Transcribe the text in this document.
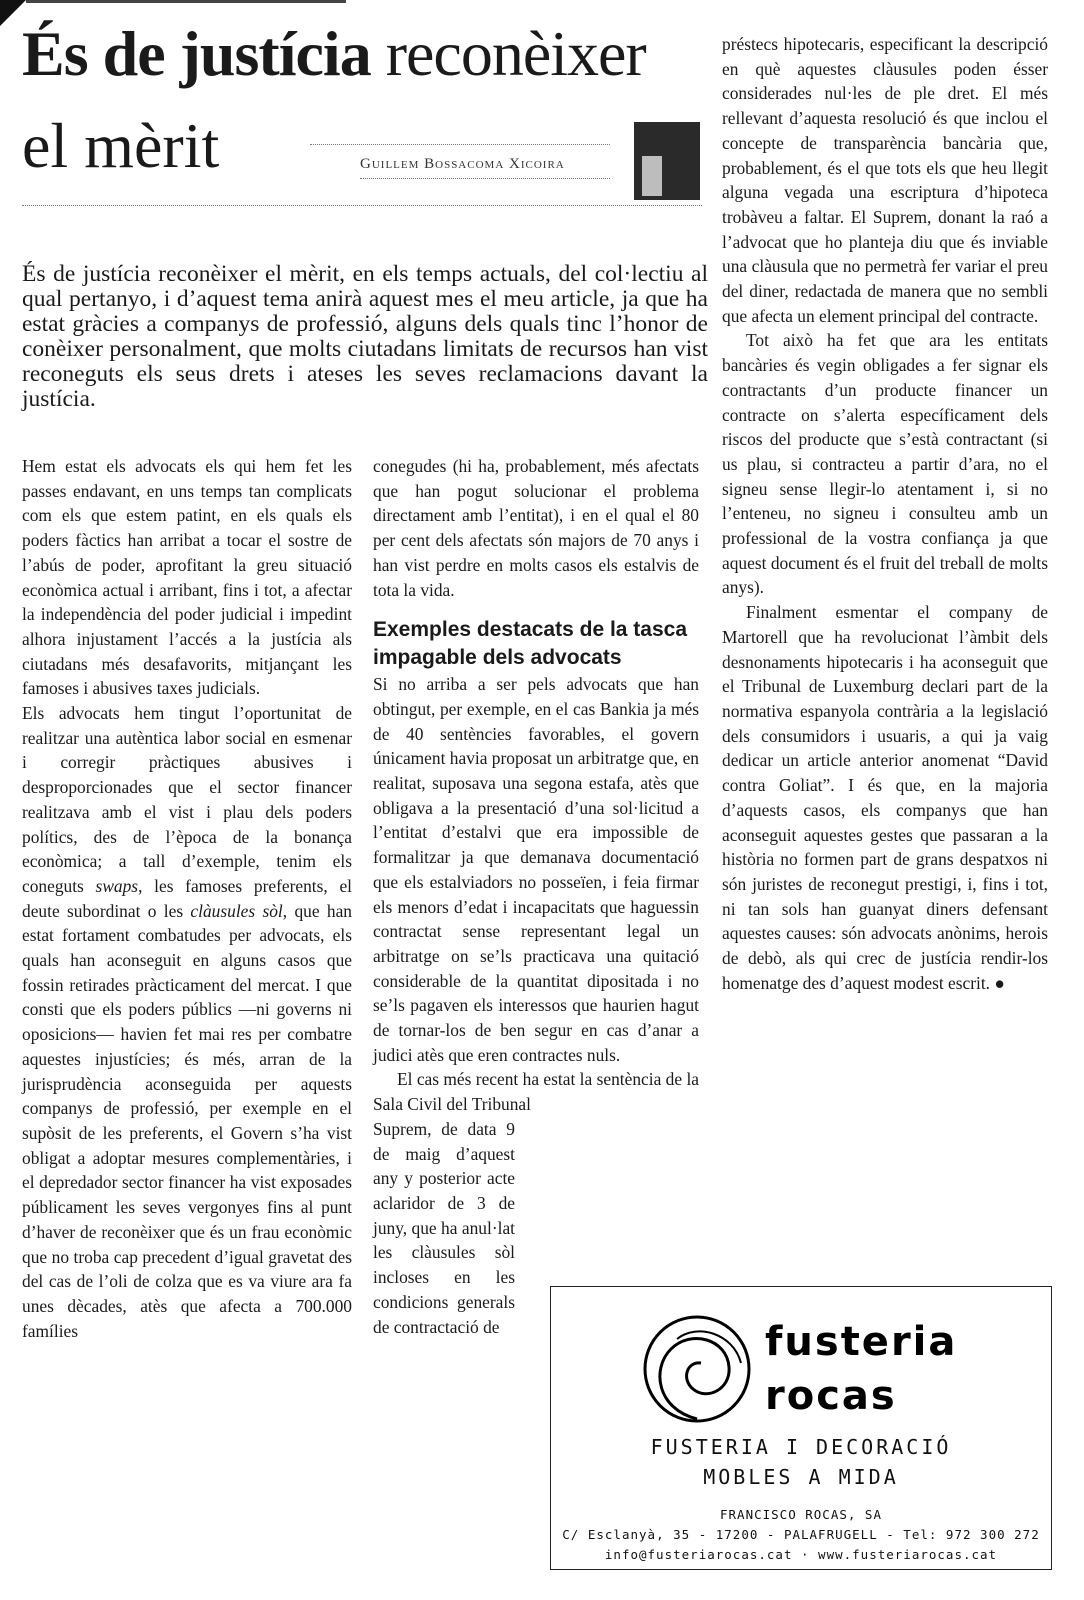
És de justícia reconèixer
el mèrit	Guillem Bossacoma Xicoira

És de justícia reconèixer el mèrit, en els temps actuals, del col·lectiu al qual pertanyo, i d’aquest tema anirà aquest mes el meu article, ja que ha estat gràcies a companys de professió, alguns dels quals tinc l’honor de conèixer personalment, que molts ciutadans limitats de recursos han vist reconeguts els seus drets i ateses les seves reclamacions davant la justícia.

Hem estat els advocats els qui hem fet les passes endavant, en uns temps tan complicats com els que estem patint, en els quals els poders fàctics han arribat a tocar el sostre de l’abús de poder, aprofitant la greu situació econòmica actual i arribant, fins i tot, a afectar la independència del poder judicial i impedint alhora injustament l’accés a la justícia als ciutadans més desafavorits, mitjançant les famoses i abusives taxes judicials.

Els advocats hem tingut l’oportunitat de realitzar una autèntica labor social en esmenar i corregir pràctiques abusives i desproporcionades que el sector financer realitzava amb el vist i plau dels poders polítics, des de l’època de la bonança econòmica; a tall d’exemple, tenim els coneguts swaps, les famoses preferents, el deute subordinat o les clàusules sòl, que han estat fortament combatudes per advocats, els quals han aconseguit en alguns casos que fossin retirades pràcticament del mercat. I que consti que els poders públics —ni governs ni oposicions— havien fet mai res per combatre aquestes injustícies; és més, arran de la jurisprudència aconseguida per aquests companys de professió, per exemple en el supòsit de les preferents, el Govern s’ha vist obligat a adoptar mesures complementàries, i el depredador sector financer ha vist exposades públicament les seves vergonyes fins al punt d’haver de reconèixer que és un frau econòmic que no troba cap precedent d’igual gravetat des del cas de l’oli de colza que es va viure ara fa unes dècades, atès que afecta a 700.000 famílies

conegudes (hi ha, probablement, més afectats que han pogut solucionar el problema directament amb l’entitat), i en el qual el 80 per cent dels afectats són majors de 70 anys i han vist perdre en molts casos els estalvis de tota la vida.

Exemples destacats de la tasca impagable dels advocats

Si no arriba a ser pels advocats que han obtingut, per exemple, en el cas Bankia ja més de 40 sentències favorables, el govern únicament havia proposat un arbitratge que, en realitat, suposava una segona estafa, atès que obligava a la presentació d’una sol·licitud a l’entitat d’estalvi que era impossible de formalitzar ja que demanava documentació que els estalviadors no posseïen, i feia firmar els menors d’edat i incapacitats que haguessin contractat sense representant legal un arbitratge on se’ls practicava una quitació considerable de la quantitat dipositada i no se’ls pagaven els interessos que haurien hagut de tornar-los de ben segur en cas d’anar a judici atès que eren contractes nuls.

El cas més recent ha estat la sentència de la Sala Civil del Tribunal

Suprem, de data 9 de maig d’aquest any y posterior acte aclaridor de 3 de juny, que ha anul·lat les clàusules sòl incloses en les condicions generals de contractació de

préstecs hipotecaris, especificant la descripció en què aquestes clàusules poden ésser considerades nul·les de ple dret. El més rellevant d’aquesta resolució és que inclou el concepte de transparència bancària que, probablement, és el que tots els que heu llegit alguna vegada una escriptura d’hipoteca trobàveu a faltar. El Suprem, donant la raó a l’advocat que ho planteja diu que és inviable una clàusula que no permetrà fer variar el preu del diner, redactada de manera que no sembli que afecta un element principal del contracte.

Tot això ha fet que ara les entitats bancàries és vegin obligades a fer signar els contractants d’un producte financer un contracte on s’alerta específicament dels riscos del producte que s’està contractant (si us plau, si contracteu a partir d’ara, no el signeu sense llegir-lo atentament i, si no l’enteneu, no signeu i consulteu amb un professional de la vostra confiança ja que aquest document és el fruit del treball de molts anys).

Finalment esmentar el company de Martorell que ha revolucionat l’àmbit dels desnonaments hipotecaris i ha aconseguit que el Tribunal de Luxemburg declari part de la normativa espanyola contrària a la legislació dels consumidors i usuaris, a qui ja vaig dedicar un article anterior anomenat “David contra Goliat”. I és que, en la majoria d’aquests casos, els companys que han aconseguit aquestes gestes que passaran a la història no formen part de grans despatxos ni són juristes de reconegut prestigi, i, fins i tot, ni tan sols han guanyat diners defensant aquestes causes: són advocats anònims, herois de debò, als qui crec de justícia rendir-los homenatge des d’aquest modest escrit. ●

fusteria
rocas
FUSTERIA I DECORACIÓ
MOBLES A MIDA
FRANCISCO ROCAS, SA
C/ Esclanyà, 35 - 17200 - PALAFRUGELL - Tel: 972 300 272
info@fusteriarocas.cat · www.fusteriarocas.cat
